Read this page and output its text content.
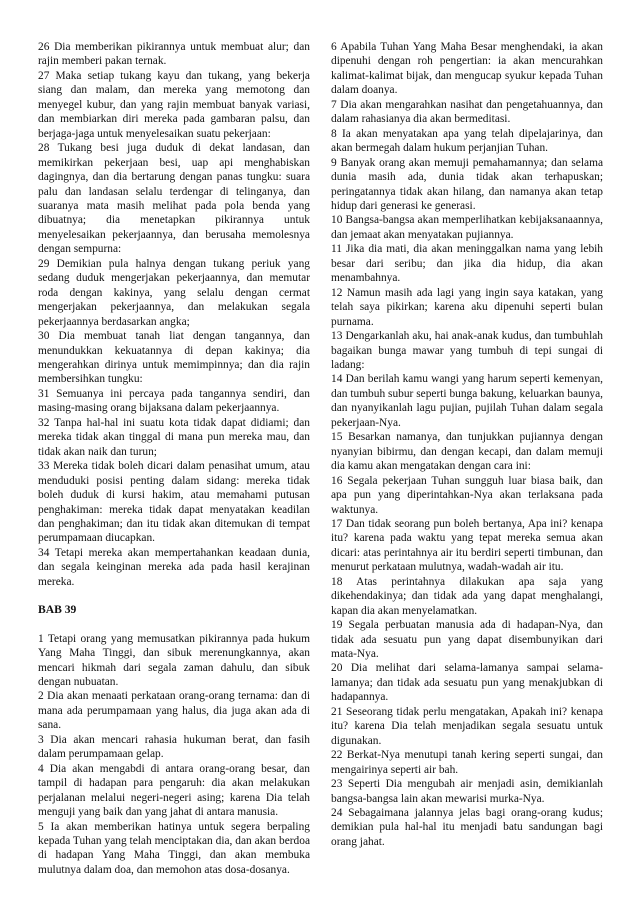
26 Dia memberikan pikirannya untuk membuat alur; dan rajin memberi pakan ternak.

27 Maka setiap tukang kayu dan tukang, yang bekerja siang dan malam, dan mereka yang memotong dan menyegel kubur, dan yang rajin membuat banyak variasi, dan membiarkan diri mereka pada gambaran palsu, dan berjaga-jaga untuk menyelesaikan suatu pekerjaan:

28 Tukang besi juga duduk di dekat landasan, dan memikirkan pekerjaan besi, uap api menghabiskan dagingnya, dan dia bertarung dengan panas tungku: suara palu dan landasan selalu terdengar di telinganya, dan suaranya mata masih melihat pada pola benda yang dibuatnya; dia menetapkan pikirannya untuk menyelesaikan pekerjaannya, dan berusaha memolesnya dengan sempurna:

29 Demikian pula halnya dengan tukang periuk yang sedang duduk mengerjakan pekerjaannya, dan memutar roda dengan kakinya, yang selalu dengan cermat mengerjakan pekerjaannya, dan melakukan segala pekerjaannya berdasarkan angka;

30 Dia membuat tanah liat dengan tangannya, dan menundukkan kekuatannya di depan kakinya; dia mengerahkan dirinya untuk memimpinnya; dan dia rajin membersihkan tungku:

31 Semuanya ini percaya pada tangannya sendiri, dan masing-masing orang bijaksana dalam pekerjaannya.

32 Tanpa hal-hal ini suatu kota tidak dapat didiami; dan mereka tidak akan tinggal di mana pun mereka mau, dan tidak akan naik dan turun;

33 Mereka tidak boleh dicari dalam penasihat umum, atau menduduki posisi penting dalam sidang: mereka tidak boleh duduk di kursi hakim, atau memahami putusan penghakiman: mereka tidak dapat menyatakan keadilan dan penghakiman; dan itu tidak akan ditemukan di tempat perumpamaan diucapkan.

34 Tetapi mereka akan mempertahankan keadaan dunia, dan segala keinginan mereka ada pada hasil kerajinan mereka.

BAB 39

1 Tetapi orang yang memusatkan pikirannya pada hukum Yang Maha Tinggi, dan sibuk merenungkannya, akan mencari hikmah dari segala zaman dahulu, dan sibuk dengan nubuatan.

2 Dia akan menaati perkataan orang-orang ternama: dan di mana ada perumpamaan yang halus, dia juga akan ada di sana.

3 Dia akan mencari rahasia hukuman berat, dan fasih dalam perumpamaan gelap.

4 Dia akan mengabdi di antara orang-orang besar, dan tampil di hadapan para pengaruh: dia akan melakukan perjalanan melalui negeri-negeri asing; karena Dia telah menguji yang baik dan yang jahat di antara manusia.

5 Ia akan memberikan hatinya untuk segera berpaling kepada Tuhan yang telah menciptakan dia, dan akan berdoa di hadapan Yang Maha Tinggi, dan akan membuka mulutnya dalam doa, dan memohon atas dosa-dosanya.

6 Apabila Tuhan Yang Maha Besar menghendaki, ia akan dipenuhi dengan roh pengertian: ia akan mencurahkan kalimat-kalimat bijak, dan mengucap syukur kepada Tuhan dalam doanya.

7 Dia akan mengarahkan nasihat dan pengetahuannya, dan dalam rahasianya dia akan bermeditasi.

8 Ia akan menyatakan apa yang telah dipelajarinya, dan akan bermegah dalam hukum perjanjian Tuhan.

9 Banyak orang akan memuji pemahamannya; dan selama dunia masih ada, dunia tidak akan terhapuskan; peringatannya tidak akan hilang, dan namanya akan tetap hidup dari generasi ke generasi.

10 Bangsa-bangsa akan memperlihatkan kebijaksanaannya, dan jemaat akan menyatakan pujiannya.

11 Jika dia mati, dia akan meninggalkan nama yang lebih besar dari seribu; dan jika dia hidup, dia akan menambahnya.

12 Namun masih ada lagi yang ingin saya katakan, yang telah saya pikirkan; karena aku dipenuhi seperti bulan purnama.

13 Dengarkanlah aku, hai anak-anak kudus, dan tumbuhlah bagaikan bunga mawar yang tumbuh di tepi sungai di ladang:

14 Dan berilah kamu wangi yang harum seperti kemenyan, dan tumbuh subur seperti bunga bakung, keluarkan baunya, dan nyanyikanlah lagu pujian, pujilah Tuhan dalam segala pekerjaan-Nya.

15 Besarkan namanya, dan tunjukkan pujiannya dengan nyanyian bibirmu, dan dengan kecapi, dan dalam memuji dia kamu akan mengatakan dengan cara ini:

16 Segala pekerjaan Tuhan sungguh luar biasa baik, dan apa pun yang diperintahkan-Nya akan terlaksana pada waktunya.

17 Dan tidak seorang pun boleh bertanya, Apa ini? kenapa itu? karena pada waktu yang tepat mereka semua akan dicari: atas perintahnya air itu berdiri seperti timbunan, dan menurut perkataan mulutnya, wadah-wadah air itu.

18 Atas perintahnya dilakukan apa saja yang dikehendakinya; dan tidak ada yang dapat menghalangi, kapan dia akan menyelamatkan.

19 Segala perbuatan manusia ada di hadapan-Nya, dan tidak ada sesuatu pun yang dapat disembunyikan dari mata-Nya.

20 Dia melihat dari selama-lamanya sampai selama-lamanya; dan tidak ada sesuatu pun yang menakjubkan di hadapannya.

21 Seseorang tidak perlu mengatakan, Apakah ini? kenapa itu? karena Dia telah menjadikan segala sesuatu untuk digunakan.

22 Berkat-Nya menutupi tanah kering seperti sungai, dan mengairinya seperti air bah.

23 Seperti Dia mengubah air menjadi asin, demikianlah bangsa-bangsa lain akan mewarisi murka-Nya.

24 Sebagaimana jalannya jelas bagi orang-orang kudus; demikian pula hal-hal itu menjadi batu sandungan bagi orang jahat.
